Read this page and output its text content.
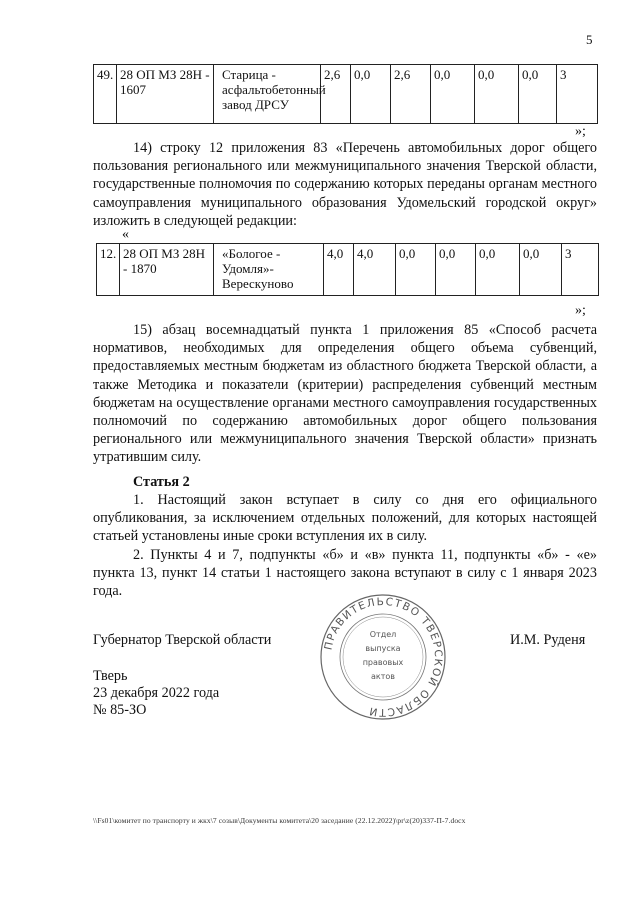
5
49.	28 ОП МЗ 28Н - 1607	Старица - асфальтобетонный завод ДРСУ	2,6	0,0	2,6	0,0	0,0	0,0	3
»;
14) строку 12 приложения 83 «Перечень автомобильных дорог общего пользования регионального или межмуниципального значения Тверской области, государственные полномочия по содержанию которых переданы органам местного самоуправления муниципального образования Удомельский городской округ» изложить в следующей редакции:
«
12.	28 ОП МЗ 28Н - 1870	«Бологое - Удомля»- Верескуново	4,0	4,0	0,0	0,0	0,0	0,0	3
»;
15) абзац восемнадцатый пункта 1 приложения 85 «Способ расчета нормативов, необходимых для определения общего объема субвенций, предоставляемых местным бюджетам из областного бюджета Тверской области, а также Методика и показатели (критерии) распределения субвенций местным бюджетам на осуществление органами местного самоуправления государственных полномочий по содержанию автомобильных дорог общего пользования регионального или межмуниципального значения Тверской области» признать утратившим силу.
Статья 2
1. Настоящий закон вступает в силу со дня его официального опубликования, за исключением отдельных положений, для которых настоящей статьей установлены иные сроки вступления их в силу.
2. Пункты 4 и 7, подпункты «б» и «в» пункта 11, подпункты «б» - «е» пункта 13, пункт 14 статьи 1 настоящего закона вступают в силу с 1 января 2023 года.
Губернатор Тверской области	И.М. Руденя
Тверь
23 декабря 2022 года
№ 85-ЗО
ПРАВИТЕЛЬСТВО ТВЕРСКОЙ ОБЛАСТИ
Отдел
выпуска
правовых
актов
\\Fs01\комитет по транспорту и жкх\7 созыв\Документы комитета\20 заседание (22.12.2022)\pr\z(20)337-П-7.docx
